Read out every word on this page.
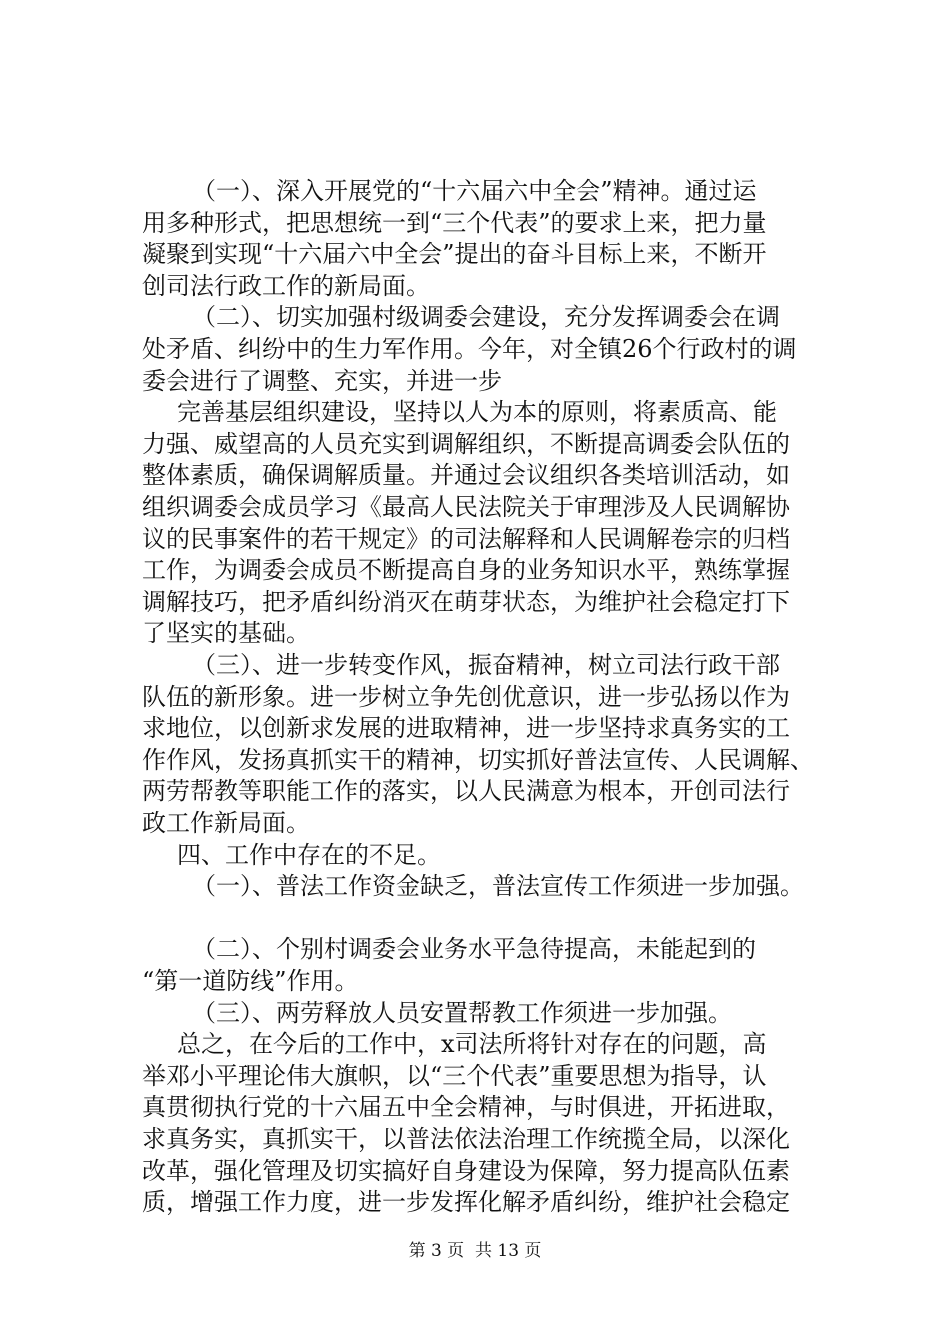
（一）、深入开展党的“十六届六中全会”精神。通过运
用多种形式，把思想统一到“三个代表”的要求上来，把力量
凝聚到实现“十六届六中全会”提出的奋斗目标上来，不断开
创司法行政工作的新局面。
（二）、切实加强村级调委会建设，充分发挥调委会在调
处矛盾、纠纷中的生力军作用。今年，对全镇26个行政村的调
委会进行了调整、充实，并进一步
完善基层组织建设，坚持以人为本的原则，将素质高、能
力强、威望高的人员充实到调解组织，不断提高调委会队伍的
整体素质，确保调解质量。并通过会议组织各类培训活动，如
组织调委会成员学习《最高人民法院关于审理涉及人民调解协
议的民事案件的若干规定》的司法解释和人民调解卷宗的归档
工作，为调委会成员不断提高自身的业务知识水平，熟练掌握
调解技巧，把矛盾纠纷消灭在萌芽状态，为维护社会稳定打下
了坚实的基础。
（三）、进一步转变作风，振奋精神，树立司法行政干部
队伍的新形象。进一步树立争先创优意识，进一步弘扬以作为
求地位，以创新求发展的进取精神，进一步坚持求真务实的工
作作风，发扬真抓实干的精神，切实抓好普法宣传、人民调解、
两劳帮教等职能工作的落实，以人民满意为根本，开创司法行
政工作新局面。
四、工作中存在的不足。
（一）、普法工作资金缺乏，普法宣传工作须进一步加强。
（二）、个别村调委会业务水平急待提高，未能起到的
“第一道防线”作用。
（三）、两劳释放人员安置帮教工作须进一步加强。
总之，在今后的工作中，x司法所将针对存在的问题，高
举邓小平理论伟大旗帜，以“三个代表”重要思想为指导，认
真贯彻执行党的十六届五中全会精神，与时俱进，开拓进取，
求真务实，真抓实干，以普法依法治理工作统揽全局，以深化
改革，强化管理及切实搞好自身建设为保障，努力提高队伍素
质，增强工作力度，进一步发挥化解矛盾纠纷，维护社会稳定
第 3 页  共 13 页
